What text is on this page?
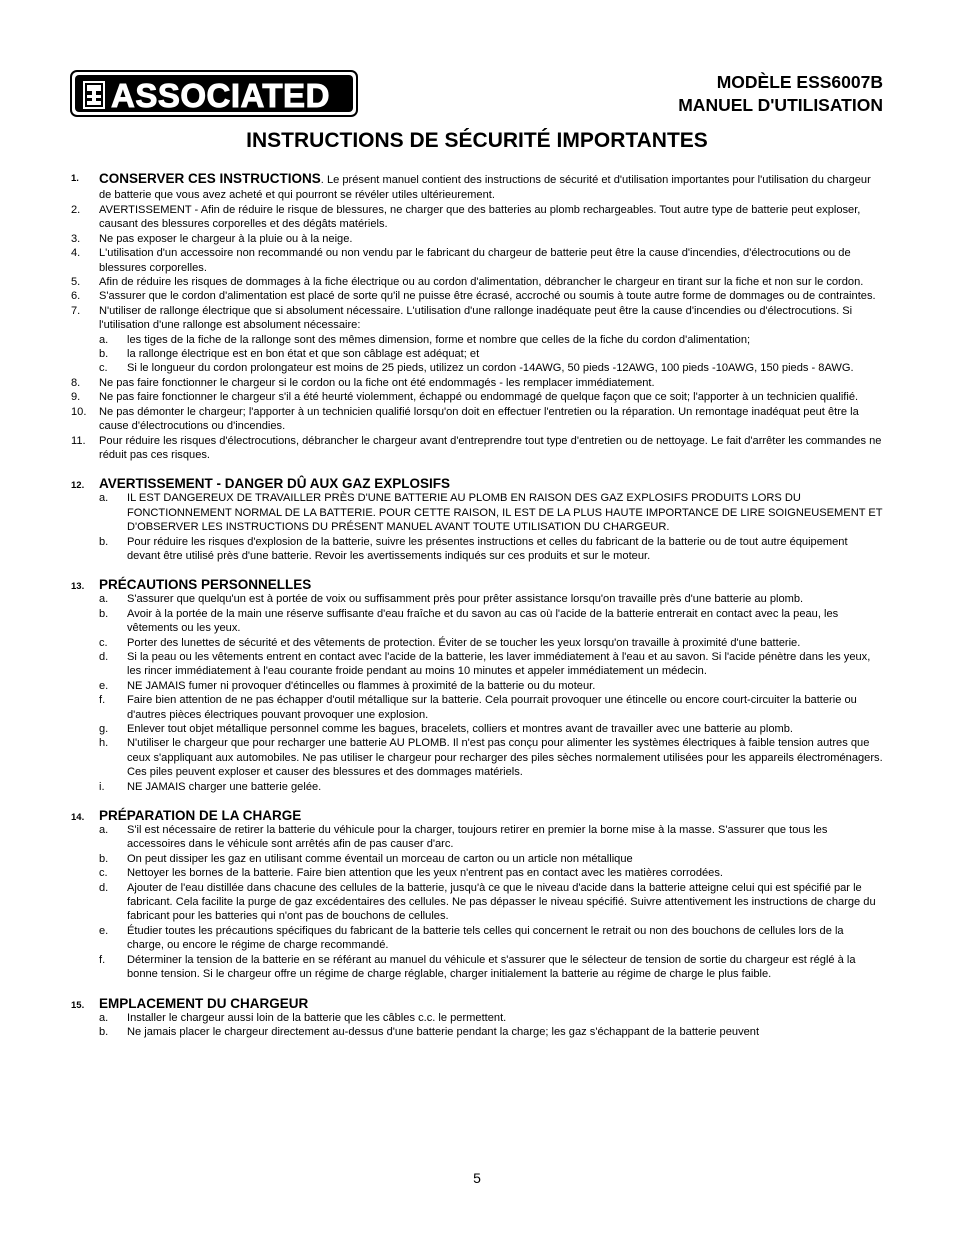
ASSOCIATED	MODÈLE ESS6007B
MANUEL D'UTILISATION
INSTRUCTIONS DE SÉCURITÉ IMPORTANTES
1. CONSERVER CES INSTRUCTIONS. Le présent manuel contient des instructions de sécurité et d'utilisation importantes pour l'utilisation du chargeur de batterie que vous avez acheté et qui pourront se révéler utiles ultérieurement.
2. AVERTISSEMENT - Afin de réduire le risque de blessures, ne charger que des batteries au plomb rechargeables. Tout autre type de batterie peut exploser, causant des blessures corporelles et des dégâts matériels.
3. Ne pas exposer le chargeur à la pluie ou à la neige.
4. L'utilisation d'un accessoire non recommandé ou non vendu par le fabricant du chargeur de batterie peut être la cause d'incendies, d'électrocutions ou de blessures corporelles.
5. Afin de réduire les risques de dommages à la fiche électrique ou au cordon d'alimentation, débrancher le chargeur en tirant sur la fiche et non sur le cordon.
6. S'assurer que le cordon d'alimentation est placé de sorte qu'il ne puisse être écrasé, accroché ou soumis à toute autre forme de dommages ou de contraintes.
7. N'utiliser de rallonge électrique que si absolument nécessaire. L'utilisation d'une rallonge inadéquate peut être la cause d'incendies ou d'électrocutions. Si l'utilisation d'une rallonge est absolument nécessaire:
a. les tiges de la fiche de la rallonge sont des mêmes dimension, forme et nombre que celles de la fiche du cordon d'alimentation;
b. la rallonge électrique est en bon état et que son câblage est adéquat; et
c. Si le longueur du cordon prolongateur est moins de 25 pieds, utilizez un cordon -14AWG, 50 pieds -12AWG, 100 pieds -10AWG, 150 pieds - 8AWG.
8. Ne pas faire fonctionner le chargeur si le cordon ou la fiche ont été endommagés - les remplacer immédiatement.
9. Ne pas faire fonctionner le chargeur s'il a été heurté violemment, échappé ou endommagé de quelque façon que ce soit; l'apporter à un technicien qualifié.
10. Ne pas démonter le chargeur; l'apporter à un technicien qualifié lorsqu'on doit en effectuer l'entretien ou la réparation. Un remontage inadéquat peut être la cause d'électrocutions ou d'incendies.
11. Pour réduire les risques d'électrocutions, débrancher le chargeur avant d'entreprendre tout type d'entretien ou de nettoyage. Le fait d'arrêter les commandes ne réduit pas ces risques.
12. AVERTISSEMENT - DANGER DÛ AUX GAZ EXPLOSIFS
a. IL EST DANGEREUX DE TRAVAILLER PRÈS D'UNE BATTERIE AU PLOMB EN RAISON DES GAZ EXPLOSIFS PRODUITS LORS DU FONCTIONNEMENT NORMAL DE LA BATTERIE. POUR CETTE RAISON, IL EST DE LA PLUS HAUTE IMPORTANCE DE LIRE SOIGNEUSEMENT ET D'OBSERVER LES INSTRUCTIONS DU PRÉSENT MANUEL AVANT TOUTE UTILISATION DU CHARGEUR.
b. Pour réduire les risques d'explosion de la batterie, suivre les présentes instructions et celles du fabricant de la batterie ou de tout autre équipement devant être utilisé près d'une batterie. Revoir les avertissements indiqués sur ces produits et sur le moteur.
13. PRÉCAUTIONS PERSONNELLES
a. S'assurer que quelqu'un est à portée de voix ou suffisamment près pour prêter assistance lorsqu'on travaille près d'une batterie au plomb.
b. Avoir à la portée de la main une réserve suffisante d'eau fraîche et du savon au cas où l'acide de la batterie entrerait en contact avec la peau, les vêtements ou les yeux.
c. Porter des lunettes de sécurité et des vêtements de protection. Éviter de se toucher les yeux lorsqu'on travaille à proximité d'une batterie.
d. Si la peau ou les vêtements entrent en contact avec l'acide de la batterie, les laver immédiatement à l'eau et au savon. Si l'acide pénètre dans les yeux, les rincer immédiatement à l'eau courante froide pendant au moins 10 minutes et appeler immédiatement un médecin.
e. NE JAMAIS fumer ni provoquer d'étincelles ou flammes à proximité de la batterie ou du moteur.
f. Faire bien attention de ne pas échapper d'outil métallique sur la batterie. Cela pourrait provoquer une étincelle ou encore court-circuiter la batterie ou d'autres pièces électriques pouvant provoquer une explosion.
g. Enlever tout objet métallique personnel comme les bagues, bracelets, colliers et montres avant de travailler avec une batterie au plomb.
h. N'utiliser le chargeur que pour recharger une batterie AU PLOMB. Il n'est pas conçu pour alimenter les systèmes électriques à faible tension autres que ceux s'appliquant aux automobiles. Ne pas utiliser le chargeur pour recharger des piles sèches normalement utilisées pour les appareils électroménagers. Ces piles peuvent exploser et causer des blessures et des dommages matériels.
i. NE JAMAIS charger une batterie gelée.
14. PRÉPARATION DE LA CHARGE
a. S'il est nécessaire de retirer la batterie du véhicule pour la charger, toujours retirer en premier la borne mise à la masse. S'assurer que tous les accessoires dans le véhicule sont arrêtés afin de pas causer d'arc.
b. On peut dissiper les gaz en utilisant comme éventail un morceau de carton ou un article non métallique
c. Nettoyer les bornes de la batterie. Faire bien attention que les yeux n'entrent pas en contact avec les matières corrodées.
d. Ajouter de l'eau distillée dans chacune des cellules de la batterie, jusqu'à ce que le niveau d'acide dans la batterie atteigne celui qui est spécifié par le fabricant. Cela facilite la purge de gaz excédentaires des cellules. Ne pas dépasser le niveau spécifié. Suivre attentivement les instructions de charge du fabricant pour les batteries qui n'ont pas de bouchons de cellules.
e. Étudier toutes les précautions spécifiques du fabricant de la batterie tels celles qui concernent le retrait ou non des bouchons de cellules lors de la charge, ou encore le régime de charge recommandé.
f. Déterminer la tension de la batterie en se référant au manuel du véhicule et s'assurer que le sélecteur de tension de sortie du chargeur est réglé à la bonne tension. Si le chargeur offre un régime de charge réglable, charger initialement la batterie au régime de charge le plus faible.
15. EMPLACEMENT DU CHARGEUR
a. Installer le chargeur aussi loin de la batterie que les câbles c.c. le permettent.
b. Ne jamais placer le chargeur directement au-dessus d'une batterie pendant la charge; les gaz s'échappant de la batterie peuvent
5
